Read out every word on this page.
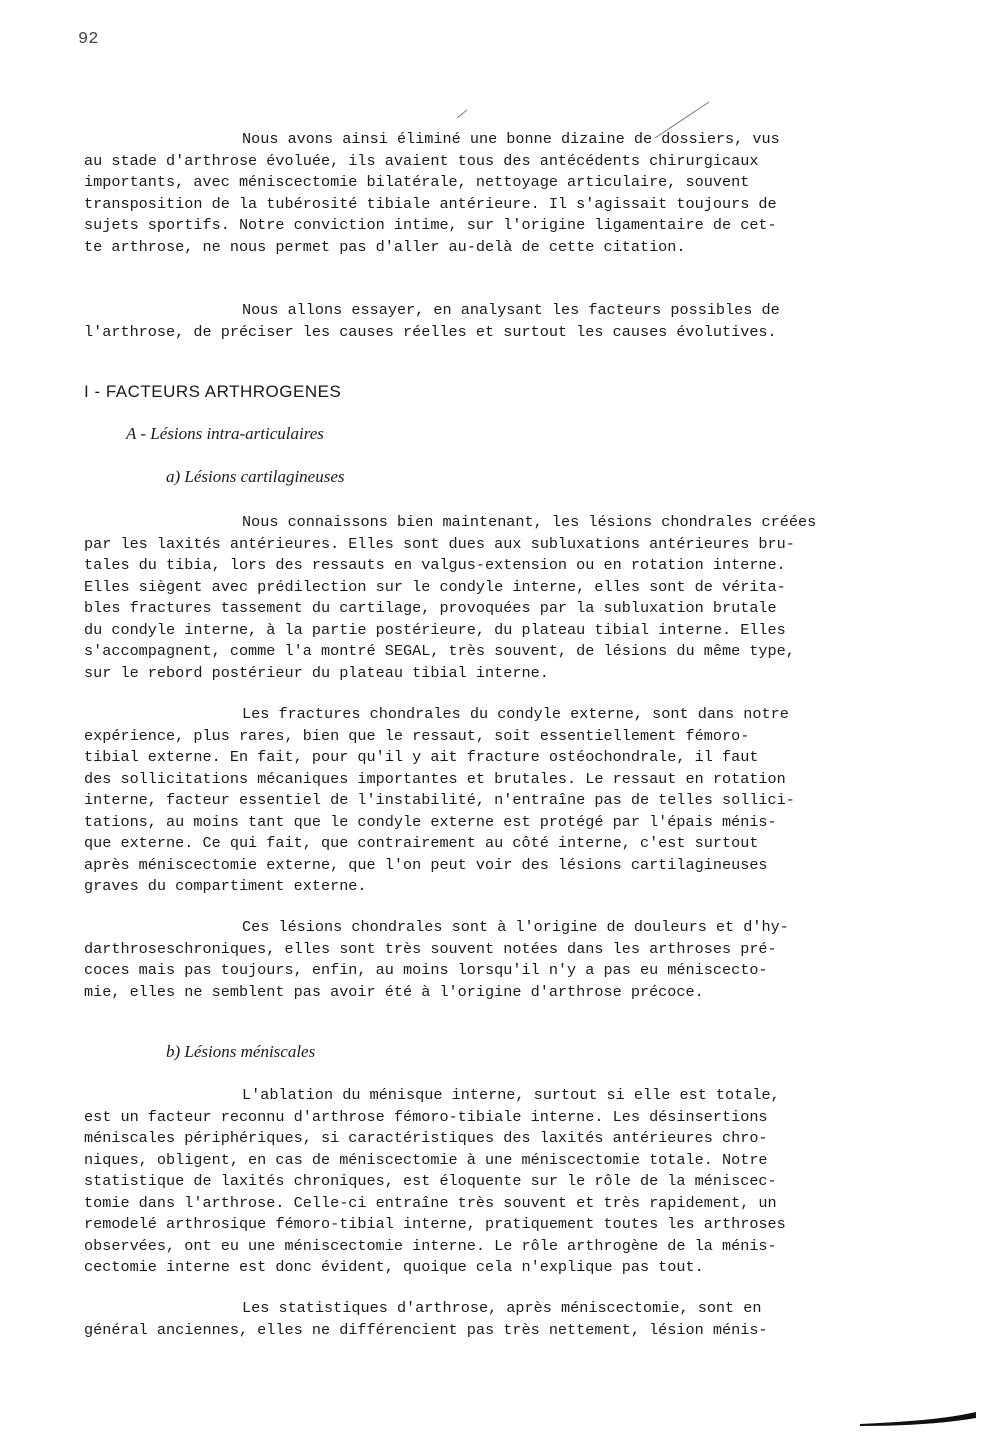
92
Nous avons ainsi éliminé une bonne dizaine de dossiers, vus
au stade d'arthrose évoluée, ils avaient tous des antécédents chirurgicaux
importants, avec méniscectomie bilatérale, nettoyage articulaire, souvent
transposition de la tubérosité tibiale antérieure. Il s'agissait toujours de
sujets sportifs. Notre conviction intime, sur l'origine ligamentaire de cet-
te arthrose, ne nous permet pas d'aller au-delà de cette citation.
Nous allons essayer, en analysant les facteurs possibles de
l'arthrose, de préciser les causes réelles et surtout les causes évolutives.
I - FACTEURS ARTHROGENES
A - Lésions intra-articulaires
a) Lésions cartilagineuses
Nous connaissons bien maintenant, les lésions chondrales créées
par les laxités antérieures. Elles sont dues aux subluxations antérieures bru-
tales du tibia, lors des ressauts en valgus-extension ou en rotation interne.
Elles siègent avec prédilection sur le condyle interne, elles sont de vérita-
bles fractures tassement du cartilage, provoquées par la subluxation brutale
du condyle interne, à la partie postérieure, du plateau tibial interne. Elles
s'accompagnent, comme l'a montré SEGAL, très souvent, de lésions du même type,
sur le rebord postérieur du plateau tibial interne.
Les fractures chondrales du condyle externe, sont dans notre
expérience, plus rares, bien que le ressaut, soit essentiellement fémoro-
tibial externe. En fait, pour qu'il y ait fracture ostéochondrale, il faut
des sollicitations mécaniques importantes et brutales. Le ressaut en rotation
interne, facteur essentiel de l'instabilité, n'entraîne pas de telles sollici-
tations, au moins tant que le condyle externe est protégé par l'épais ménis-
que externe. Ce qui fait, que contrairement au côté interne, c'est surtout
après méniscectomie externe, que l'on peut voir des lésions cartilagineuses
graves du compartiment externe.
Ces lésions chondrales sont à l'origine de douleurs et d'hy-
darthroseschroniques, elles sont très souvent notées dans les arthroses pré-
coces mais pas toujours, enfin, au moins lorsqu'il n'y a pas eu méniscecto-
mie, elles ne semblent pas avoir été à l'origine d'arthrose précoce.
b) Lésions méniscales
L'ablation du ménisque interne, surtout si elle est totale,
est un facteur reconnu d'arthrose fémoro-tibiale interne. Les désinsertions
méniscales périphériques, si caractéristiques des laxités antérieures chro-
niques, obligent, en cas de méniscectomie à une méniscectomie totale. Notre
statistique de laxités chroniques, est éloquente sur le rôle de la méniscec-
tomie dans l'arthrose. Celle-ci entraîne très souvent et très rapidement, un
remodelé arthrosique fémoro-tibial interne, pratiquement toutes les arthroses
observées, ont eu une méniscectomie interne. Le rôle arthrogène de la ménis-
cectomie interne est donc évident, quoique cela n'explique pas tout.
Les statistiques d'arthrose, après méniscectomie, sont en
général anciennes, elles ne différencient pas très nettement, lésion ménis-
